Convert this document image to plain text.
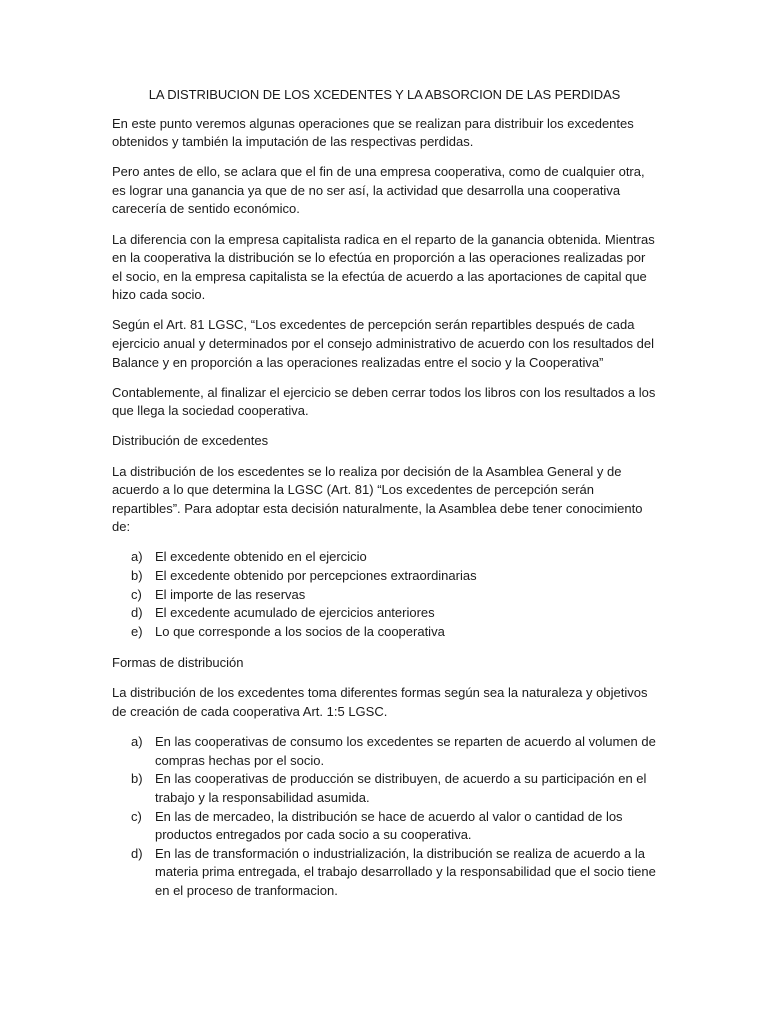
LA DISTRIBUCION DE LOS XCEDENTES Y LA ABSORCION DE LAS PERDIDAS

En este punto veremos algunas operaciones que se realizan para distribuir los excedentes obtenidos y también la imputación de las respectivas perdidas.

Pero antes de ello, se aclara que el fin de una empresa cooperativa, como de cualquier otra, es lograr una ganancia ya que de no ser así, la actividad que desarrolla una cooperativa carecería de sentido económico.

La diferencia con la empresa capitalista radica en el reparto de la ganancia obtenida. Mientras en la cooperativa la distribución se lo efectúa en proporción a las operaciones realizadas por el socio, en la empresa capitalista se la efectúa de acuerdo a las aportaciones de capital que hizo cada socio.

Según el Art. 81 LGSC, “Los excedentes de percepción serán repartibles después de cada ejercicio anual y determinados por el consejo administrativo de acuerdo con los resultados del Balance y en proporción a las operaciones realizadas entre el socio y la Cooperativa”

Contablemente, al finalizar el ejercicio se deben cerrar todos los libros con los resultados a los que llega la sociedad cooperativa.

Distribución de excedentes

La distribución de los escedentes se lo realiza por decisión de la Asamblea General y de acuerdo a lo que determina la LGSC (Art. 81) “Los excedentes de percepción serán repartibles”. Para adoptar esta decisión naturalmente, la Asamblea debe tener conocimiento de:

a) El excedente obtenido en el ejercicio
b) El excedente obtenido por percepciones extraordinarias
c) El importe de las reservas
d) El excedente acumulado de ejercicios anteriores
e) Lo que corresponde a los socios de la cooperativa
Formas de distribución

La distribución de los excedentes toma diferentes formas según sea la naturaleza y objetivos de creación de cada cooperativa Art. 1:5 LGSC.

a) En las cooperativas de consumo los excedentes se reparten de acuerdo al volumen de compras hechas por el socio.
b) En las cooperativas de producción se distribuyen, de acuerdo a su participación en el trabajo y la responsabilidad asumida.
c) En las de mercadeo, la distribución se hace de acuerdo al valor o cantidad de los productos entregados por cada socio a su cooperativa.
d) En las de transformación o industrialización, la distribución se realiza de acuerdo a la materia prima entregada, el trabajo desarrollado y la responsabilidad que el socio tiene en el proceso de tranformacion.
